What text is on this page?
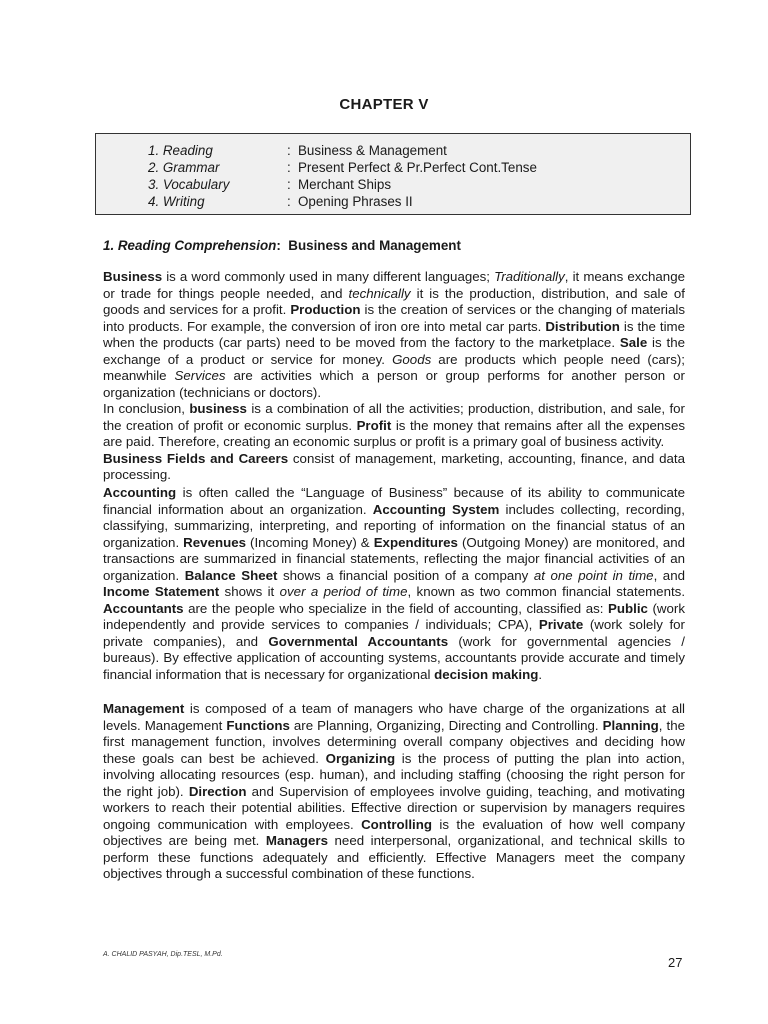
CHAPTER V
1. Reading	: Business & Management
2. Grammar	: Present Perfect & Pr.Perfect Cont.Tense
3. Vocabulary	: Merchant Ships
4. Writing	: Opening Phrases II
1. Reading Comprehension: Business and Management

Business is a word commonly used in many different languages; Traditionally, it means exchange or trade for things people needed, and technically it is the production, distribution, and sale of goods and services for a profit. Production is the creation of services or the changing of materials into products. For example, the conversion of iron ore into metal car parts. Distribution is the time when the products (car parts) need to be moved from the factory to the marketplace. Sale is the exchange of a product or service for money. Goods are products which people need (cars); meanwhile Services are activities which a person or group performs for another person or organization (technicians or doctors).
In conclusion, business is a combination of all the activities; production, distribution, and sale, for the creation of profit or economic surplus. Profit is the money that remains after all the expenses are paid. Therefore, creating an economic surplus or profit is a primary goal of business activity.
Business Fields and Careers consist of management, marketing, accounting, finance, and data processing.

Accounting is often called the “Language of Business” because of its ability to communicate financial information about an organization. Accounting System includes collecting, recording, classifying, summarizing, interpreting, and reporting of information on the financial status of an organization. Revenues (Incoming Money) & Expenditures (Outgoing Money) are monitored, and transactions are summarized in financial statements, reflecting the major financial activities of an organization. Balance Sheet shows a financial position of a company at one point in time, and Income Statement shows it over a period of time, known as two common financial statements. Accountants are the people who specialize in the field of accounting, classified as: Public (work independently and provide services to companies / individuals; CPA), Private (work solely for private companies), and Governmental Accountants (work for governmental agencies / bureaus). By effective application of accounting systems, accountants provide accurate and timely financial information that is necessary for organizational decision making.

Management is composed of a team of managers who have charge of the organizations at all levels. Management Functions are Planning, Organizing, Directing and Controlling. Planning, the first management function, involves determining overall company objectives and deciding how these goals can best be achieved. Organizing is the process of putting the plan into action, involving allocating resources (esp. human), and including staffing (choosing the right person for the right job). Direction and Supervision of employees involve guiding, teaching, and motivating workers to reach their potential abilities. Effective direction or supervision by managers requires ongoing communication with employees. Controlling is the evaluation of how well company objectives are being met. Managers need interpersonal, organizational, and technical skills to perform these functions adequately and efficiently. Effective Managers meet the company objectives through a successful combination of these functions.

A. CHALID PASYAH, Dip.TESL, M.Pd.
27
